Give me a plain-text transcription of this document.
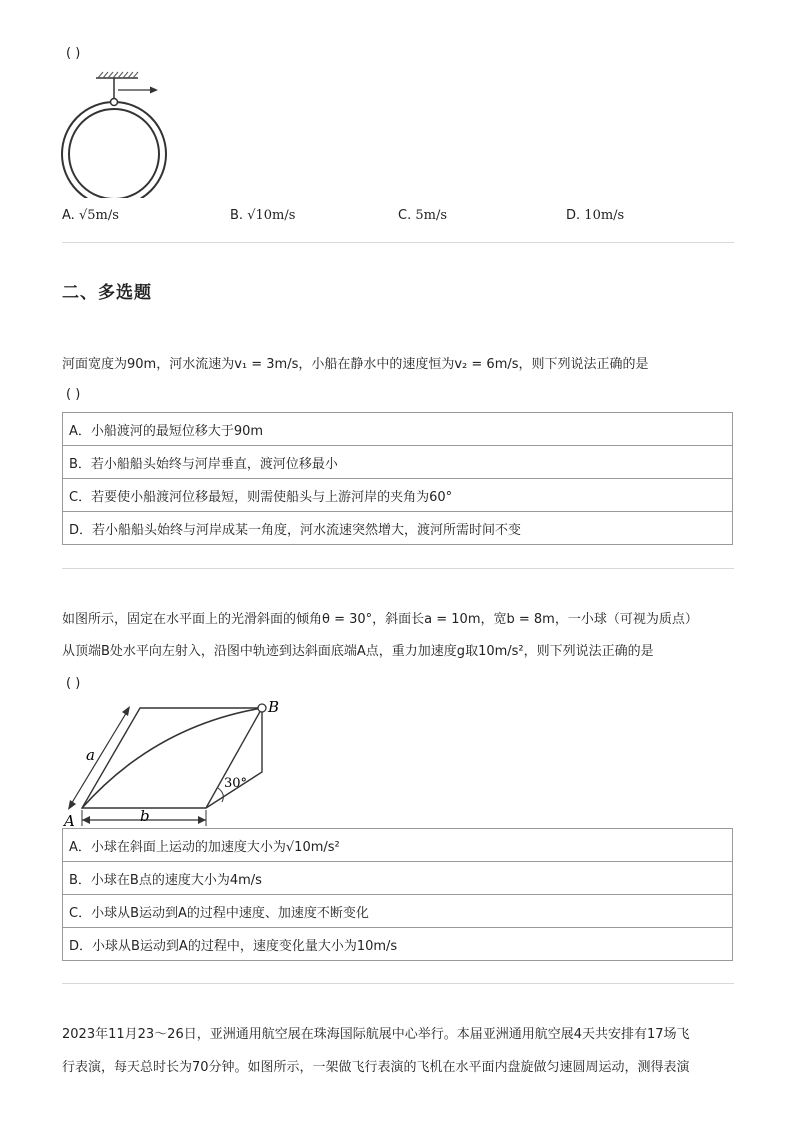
( )
A. √5m/s	B. √10m/s	C. 5m/s	D. 10m/s
二、多选题
河面宽度为90m，河水流速为v₁ = 3m/s，小船在静水中的速度恒为v₂ = 6m/s，则下列说法正确的是
( )
A．小船渡河的最短位移大于90m
B．若小船船头始终与河岸垂直，渡河位移最小
C．若要使小船渡河位移最短，则需使船头与上游河岸的夹角为60°
D．若小船船头始终与河岸成某一角度，河水流速突然增大，渡河所需时间不变
如图所示，固定在水平面上的光滑斜面的倾角θ = 30°，斜面长a = 10m，宽b = 8m，一小球（可视为质点）
从顶端B处水平向左射入，沿图中轨迹到达斜面底端A点，重力加速度g取10m/s²，则下列说法正确的是
( )
30°
a
b
A
B
A．小球在斜面上运动的加速度大小为√10m/s²
B．小球在B点的速度大小为4m/s
C．小球从B运动到A的过程中速度、加速度不断变化
D．小球从B运动到A的过程中，速度变化量大小为10m/s
2023年11月23～26日，亚洲通用航空展在珠海国际航展中心举行。本届亚洲通用航空展4天共安排有17场飞
行表演，每天总时长为70分钟。如图所示，一架做飞行表演的飞机在水平面内盘旋做匀速圆周运动，测得表演
